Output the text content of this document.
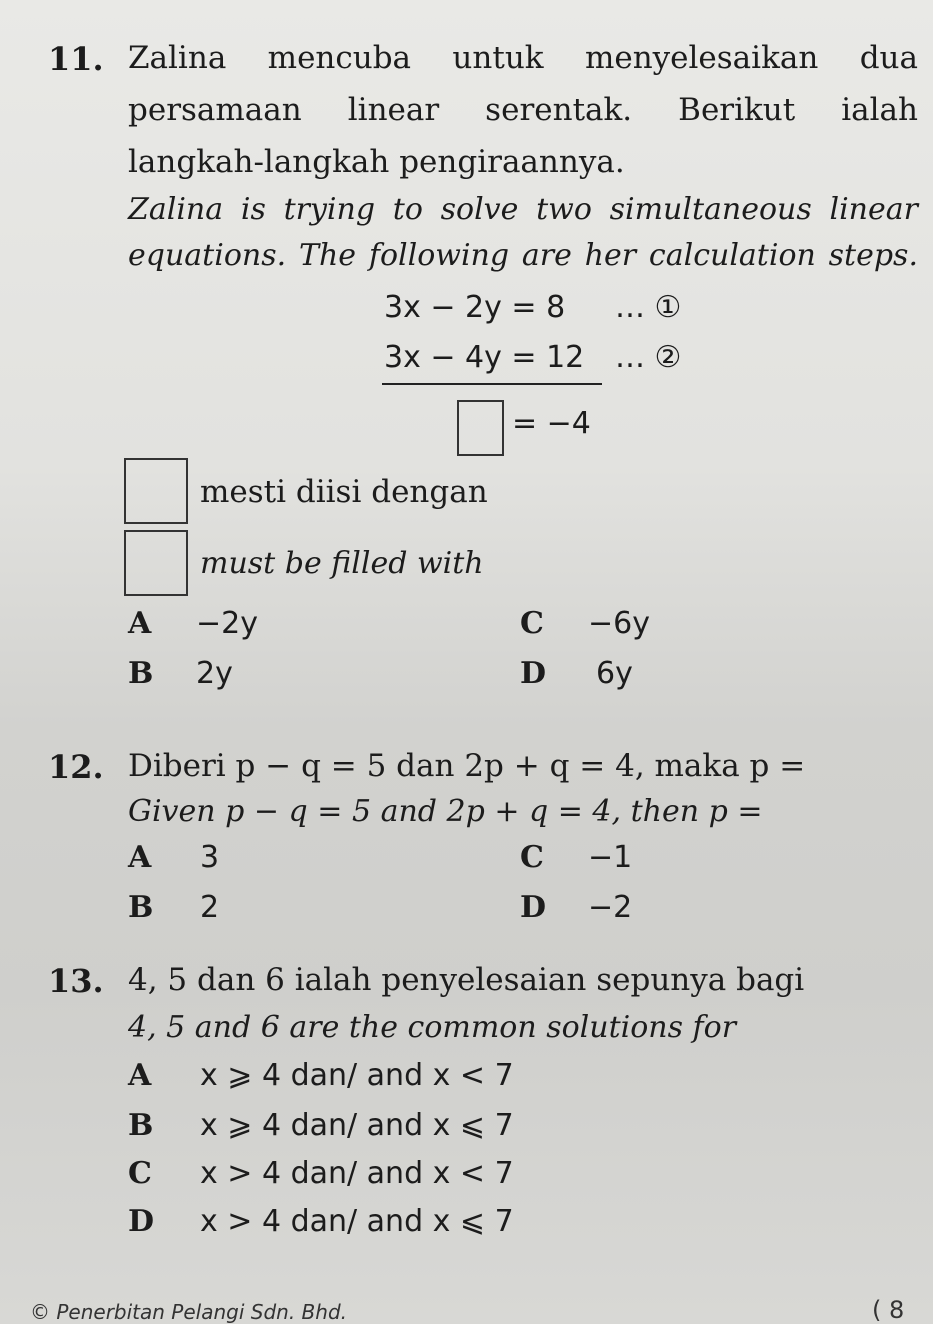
11. Zalina mencuba untuk menyelesaikan dua
persamaan linear serentak. Berikut ialah
langkah-langkah pengiraannya.
Zalina is trying to solve two simultaneous linear
equations. The following are her calculation steps.
3x − 2y = 8 … ①
3x − 4y = 12 … ②
= −4
mesti diisi dengan
must be filled with
A −2y
B 2y
C −6y
D 6y
12. Diberi p − q = 5 dan 2p + q = 4, maka p =
Given p − q = 5 and 2p + q = 4, then p =
A 3
B 2
C −1
D −2
13. 4, 5 dan 6 ialah penyelesaian sepunya bagi
4, 5 and 6 are the common solutions for
A x ⩾ 4 dan/ and x < 7
B x ⩾ 4 dan/ and x ⩽ 7
C x > 4 dan/ and x < 7
D x > 4 dan/ and x ⩽ 7
© Penerbitan Pelangi Sdn. Bhd.	( 8
